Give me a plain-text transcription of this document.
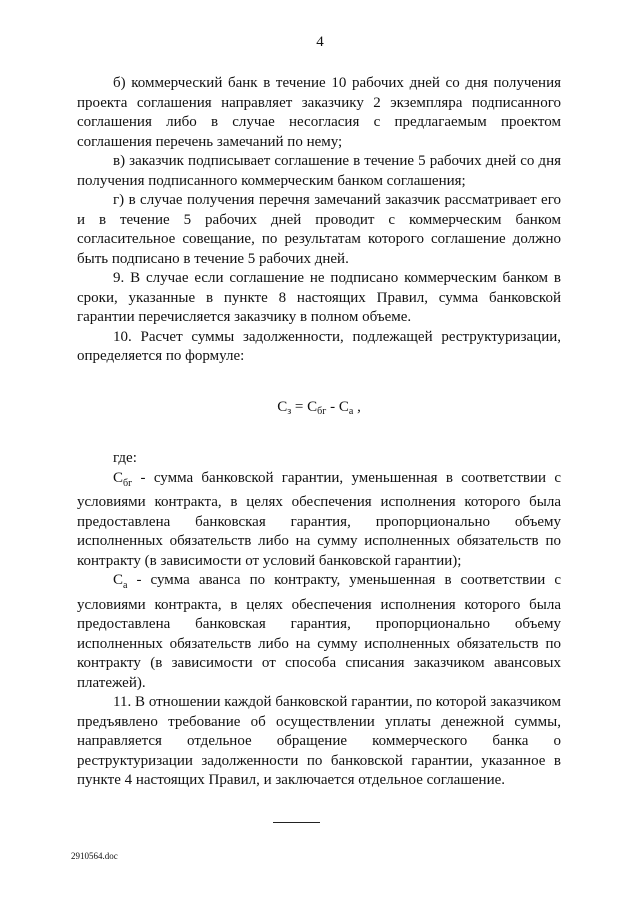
4

б) коммерческий банк в течение 10 рабочих дней со дня получения проекта соглашения направляет заказчику 2 экземпляра подписанного соглашения либо в случае несогласия с предлагаемым проектом соглашения перечень замечаний по нему;

в) заказчик подписывает соглашение в течение 5 рабочих дней со дня получения подписанного коммерческим банком соглашения;

г) в случае получения перечня замечаний заказчик рассматривает его и в течение 5 рабочих дней проводит с коммерческим банком согласительное совещание, по результатам которого соглашение должно быть подписано в течение 5 рабочих дней.

9. В случае если соглашение не подписано коммерческим банком в сроки, указанные в пункте 8 настоящих Правил, сумма банковской гарантии перечисляется заказчику в полном объеме.

10. Расчет суммы задолженности, подлежащей реструктуризации, определяется по формуле:

$С_з = С_{бг} - С_а$ ,

где:

$С_{бг}$ - сумма банковской гарантии, уменьшенная в соответствии с условиями контракта, в целях обеспечения исполнения которого была предоставлена банковская гарантия, пропорционально объему исполненных обязательств либо на сумму исполненных обязательств по контракту (в зависимости от условий банковской гарантии);

$С_а$ - сумма аванса по контракту, уменьшенная в соответствии с условиями контракта, в целях обеспечения исполнения которого была предоставлена банковская гарантия, пропорционально объему исполненных обязательств либо на сумму исполненных обязательств по контракту (в зависимости от способа списания заказчиком авансовых платежей).

11. В отношении каждой банковской гарантии, по которой заказчиком предъявлено требование об осуществлении уплаты денежной суммы, направляется отдельное обращение коммерческого банка о реструктуризации задолженности по банковской гарантии, указанное в пункте 4 настоящих Правил, и заключается отдельное соглашение.

2910564.doc
